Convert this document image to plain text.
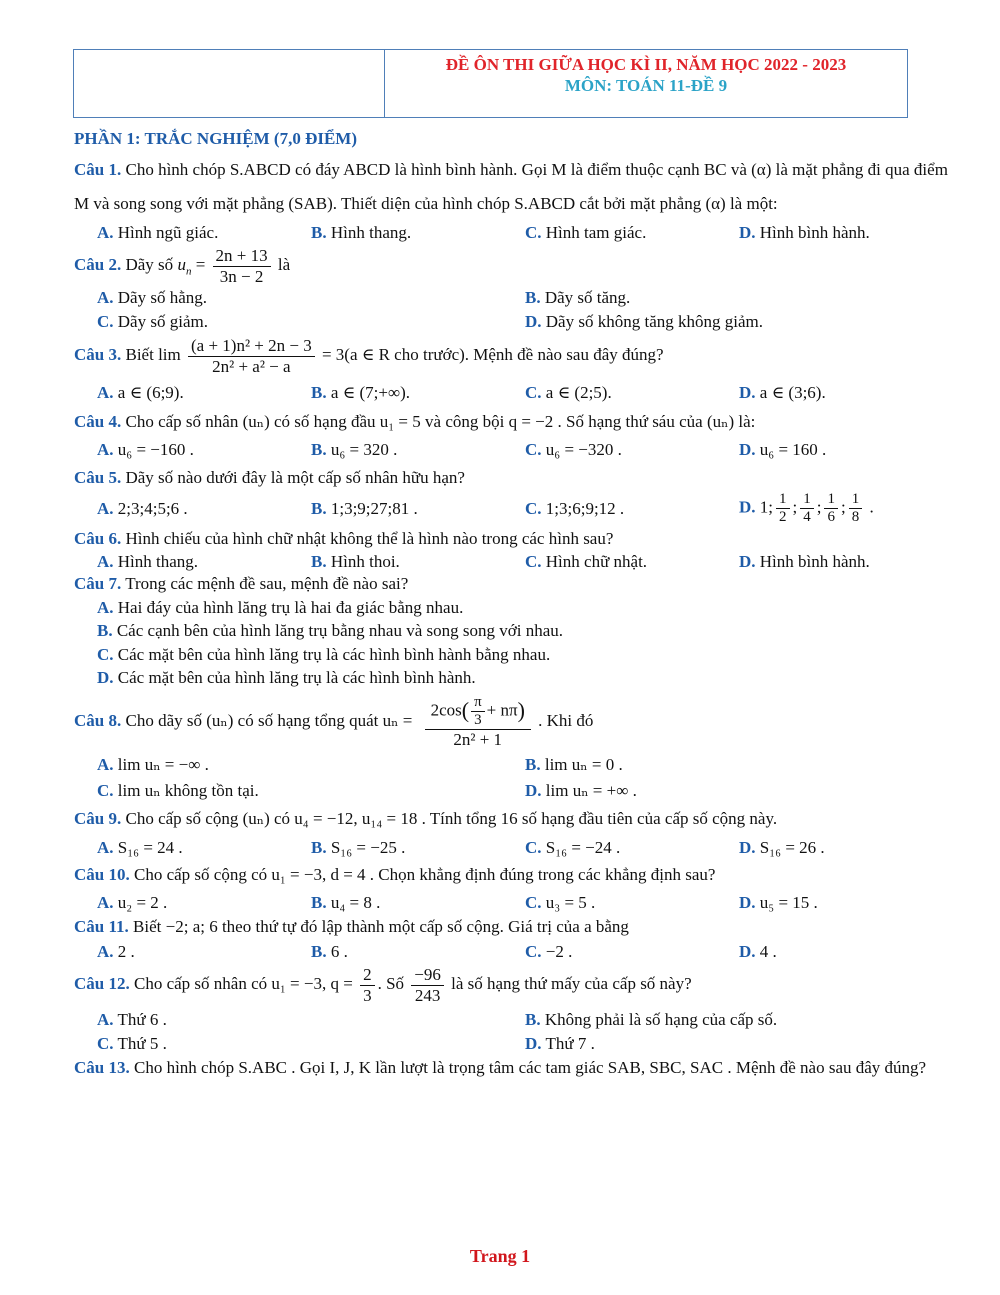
ĐỀ ÔN THI GIỮA HỌC KÌ II, NĂM HỌC 2022 - 2023
MÔN: TOÁN 11-ĐỀ 9
PHẦN 1: TRẮC NGHIỆM (7,0 ĐIỂM)
Câu 1. Cho hình chóp S.ABCD có đáy ABCD là hình bình hành. Gọi M là điểm thuộc cạnh BC và (α) là mặt phẳng đi qua điểm M và song song với mặt phẳng (SAB). Thiết diện của hình chóp S.ABCD cắt bởi mặt phẳng (α) là một:
A. Hình ngũ giác.	B. Hình thang.	C. Hình tam giác.	D. Hình bình hành.
Câu 2. Dãy số $u_n = \frac{2n + 13}{3n - 2}$ là
A. Dãy số hằng.	B. Dãy số tăng.
C. Dãy số giảm.	D. Dãy số không tăng không giảm.
Câu 3. Biết $\lim \frac{\text{(a + 1)n² + 2n − 3}}{\text{2n² + a² − a}} = 3(a$ ∈ R cho trước). Mệnh đề nào sau đây đúng?
A. a ∈ (6;9).	B. a ∈ (7;+∞).	C. a ∈ (2;5).	D. a ∈ (3;6).
Câu 4. Cho cấp số nhân (uₙ) có số hạng đầu u₁ = 5 và công bội q = −2 . Số hạng thứ sáu của (uₙ) là:
A. u₆ = −160 .	B. u₆ = 320 .	C. u₆ = −320 .	D. u₆ = 160 .
Câu 5. Dãy số nào dưới đây là một cấp số nhân hữu hạn?
A. 2;3;4;5;6 .	B. 1;3;9;27;81 .	C. 1;3;6;9;12 .	D. 1; $\frac{1}{2}$ ; $\frac{1}{4}$ ; $\frac{1}{6}$ ; $\frac{1}{8}$ .
Câu 6. Hình chiếu của hình chữ nhật không thể là hình nào trong các hình sau?
A. Hình thang.	B. Hình thoi.	C. Hình chữ nhật.	D. Hình bình hành.
Câu 7. Trong các mệnh đề sau, mệnh đề nào sai?
A. Hai đáy của hình lăng trụ là hai đa giác bằng nhau.
B. Các cạnh bên của hình lăng trụ bằng nhau và song song với nhau.
C. Các mặt bên của hình lăng trụ là các hình bình hành bằng nhau.
D. Các mặt bên của hình lăng trụ là các hình bình hành.
Câu 8. Cho dãy số (uₙ) có số hạng tổng quát $u_n = \frac{2\cos( \frac{\pi}{3} + n\pi)}{\text{2n² + 1}}$ . Khi đó
A. lim uₙ = −∞ .	B. lim uₙ = 0 .
C. lim uₙ không tồn tại.	D. lim uₙ = +∞ .
Câu 9. Cho cấp số cộng (uₙ) có u₄ = −12, u₁₄ = 18 . Tính tổng 16 số hạng đầu tiên của cấp số cộng này.
A. S₁₆ = 24 .	B. S₁₆ = −25 .	C. S₁₆ = −24 .	D. S₁₆ = 26 .
Câu 10. Cho cấp số cộng có u₁ = −3, d = 4 . Chọn khẳng định đúng trong các khẳng định sau?
A. u₂ = 2 .	B. u₄ = 8 .	C. u₃ = 5 .	D. u₅ = 15 .
Câu 11. Biết −2; a; 6 theo thứ tự đó lập thành một cấp số cộng. Giá trị của a bằng
A. 2 .	B. 6 .	C. −2 .	D. 4 .
Câu 12. Cho cấp số nhân có u₁ = −3, $q = \frac{2}{3}$ . Số $\frac{-96}{243}$ là số hạng thứ mấy của cấp số này?
A. Thứ 6 .	B. Không phải là số hạng của cấp số.
C. Thứ 5 .	D. Thứ 7 .
Câu 13. Cho hình chóp S.ABC . Gọi I, J, K lần lượt là trọng tâm các tam giác SAB, SBC, SAC . Mệnh đề nào sau đây đúng?
Trang 1
